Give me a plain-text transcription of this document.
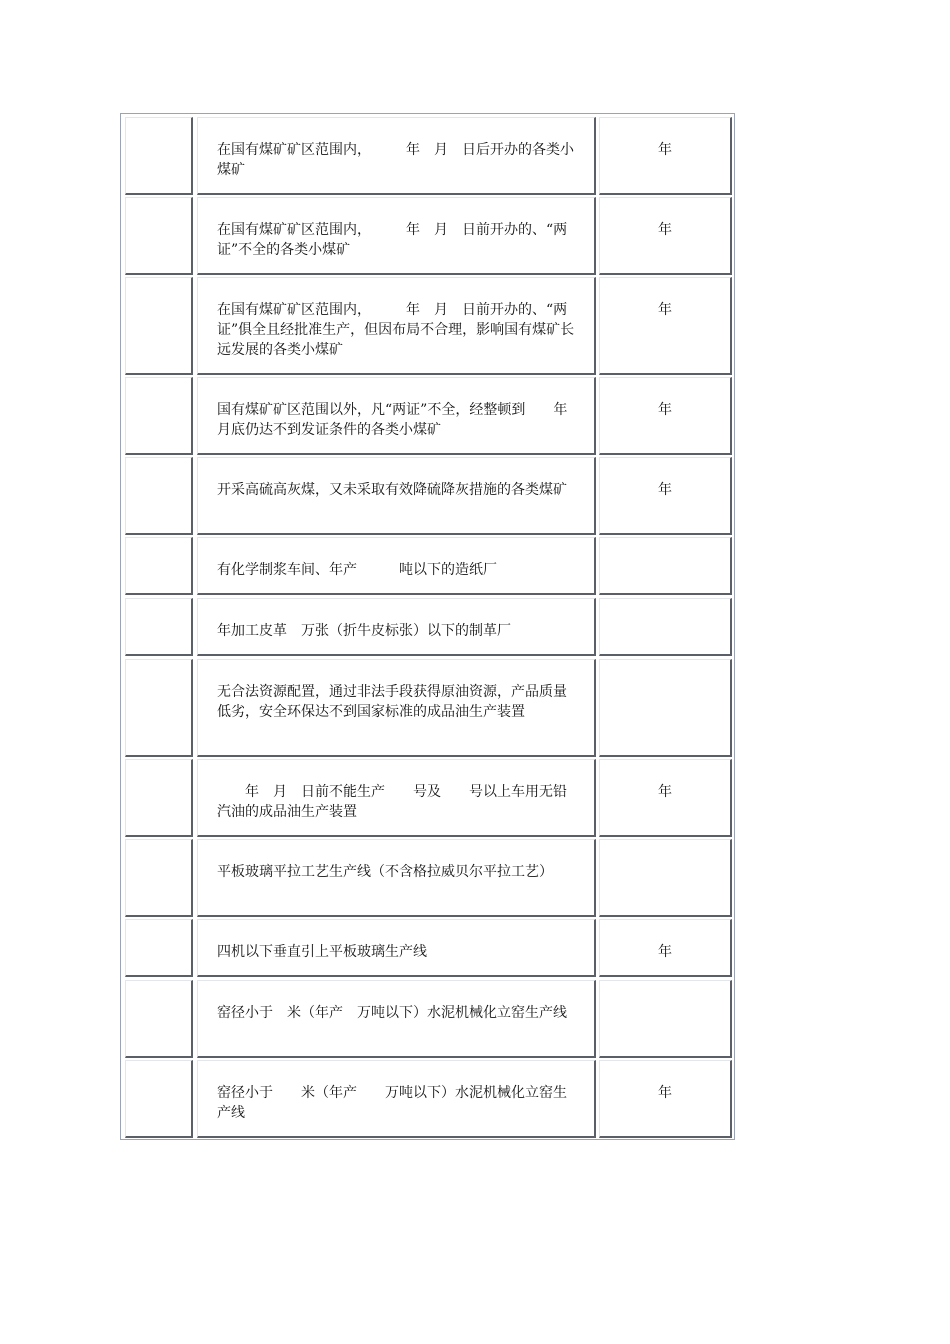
在国有煤矿矿区范围内，　　　年　月　日后开办的各类小煤矿
年
在国有煤矿矿区范围内，　　　年　月　日前开办的、“两证”不全的各类小煤矿
年
在国有煤矿矿区范围内，　　　年　月　日前开办的、“两证”俱全且经批准生产，但因布局不合理，影响国有煤矿长远发展的各类小煤矿
年
国有煤矿矿区范围以外，凡“两证”不全，经整顿到　　年　月底仍达不到发证条件的各类小煤矿
年
开采高硫高灰煤，又未采取有效降硫降灰措施的各类煤矿	年
有化学制浆车间、年产　　　吨以下的造纸厂
年加工皮革　万张（折牛皮标张）以下的制革厂
无合法资源配置，通过非法手段获得原油资源，产品质量低劣，安全环保达不到国家标准的成品油生产装置
　　年　月　日前不能生产　　号及　　号以上车用无铅汽油的成品油生产装置
年
平板玻璃平拉工艺生产线（不含格拉威贝尔平拉工艺）
四机以下垂直引上平板玻璃生产线	年
窑径小于　米（年产　万吨以下）水泥机械化立窑生产线
窑径小于　　米（年产　　万吨以下）水泥机械化立窑生产线
年
